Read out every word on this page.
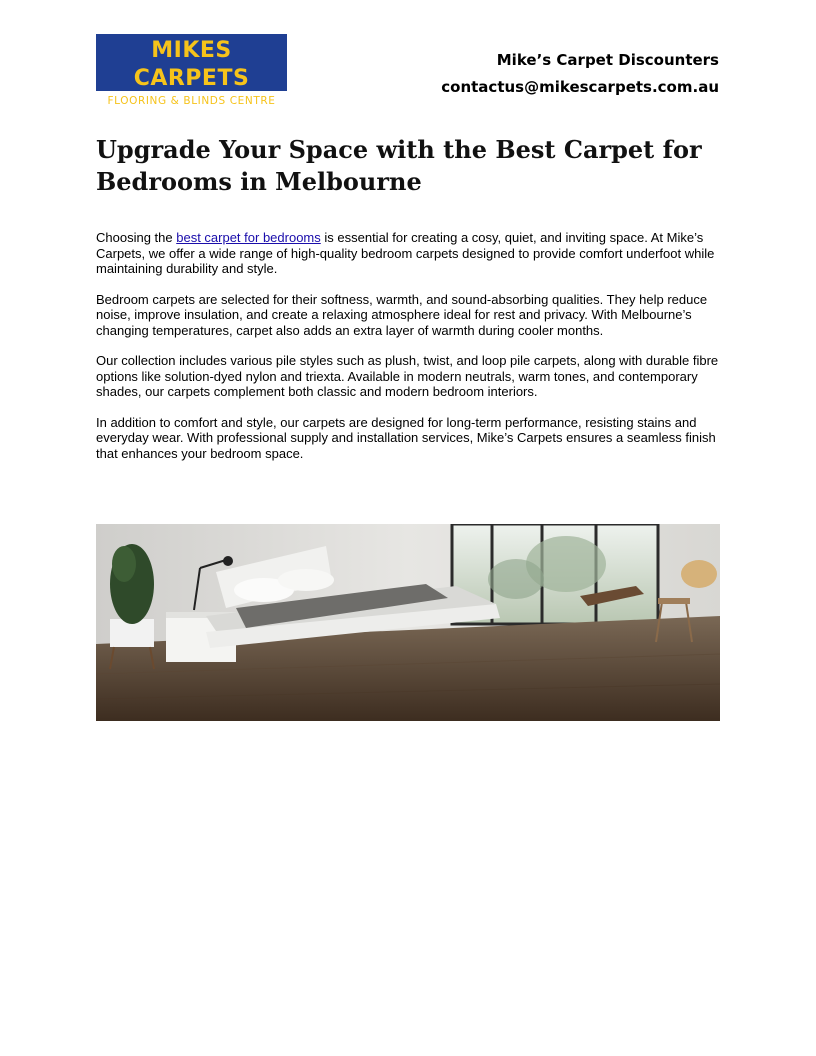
MIKES CARPETS
FLOORING & BLINDS CENTRE
Mike’s Carpet Discounters
contactus@mikescarpets.com.au
Upgrade Your Space with the Best Carpet for Bedrooms in Melbourne

Choosing the best carpet for bedrooms is essential for creating a cosy, quiet, and inviting space. At Mike’s Carpets, we offer a wide range of high-quality bedroom carpets designed to provide comfort underfoot while maintaining durability and style.

Bedroom carpets are selected for their softness, warmth, and sound-absorbing qualities. They help reduce noise, improve insulation, and create a relaxing atmosphere ideal for rest and privacy. With Melbourne’s changing temperatures, carpet also adds an extra layer of warmth during cooler months.

Our collection includes various pile styles such as plush, twist, and loop pile carpets, along with durable fibre options like solution-dyed nylon and triexta. Available in modern neutrals, warm tones, and contemporary shades, our carpets complement both classic and modern bedroom interiors.

In addition to comfort and style, our carpets are designed for long-term performance, resisting stains and everyday wear. With professional supply and installation services, Mike’s Carpets ensures a seamless finish that enhances your bedroom space.
